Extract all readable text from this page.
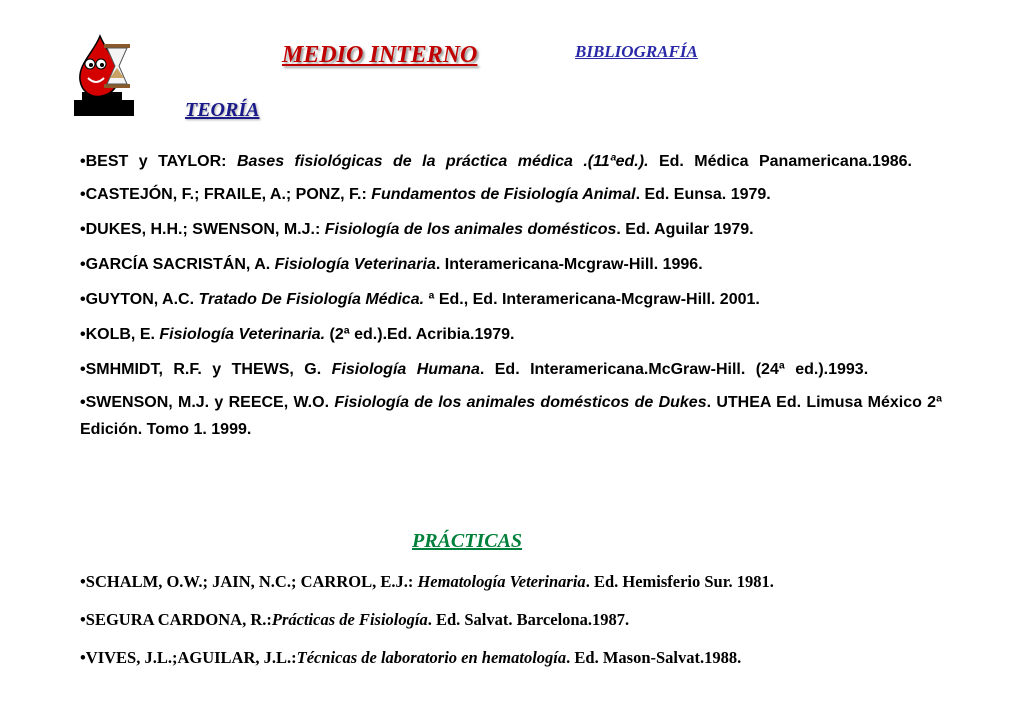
MEDIO INTERNO	BIBLIOGRAFÍA
TEORÍA
•BEST y TAYLOR: Bases fisiológicas de la práctica médica .(11ªed.). Ed. Médica Panamericana.1986.
•CASTEJÓN, F.; FRAILE, A.; PONZ, F.: Fundamentos de Fisiología Animal. Ed. Eunsa. 1979.
•DUKES, H.H.; SWENSON, M.J.: Fisiología de los animales domésticos. Ed. Aguilar 1979.
•GARCÍA SACRISTÁN, A. Fisiología Veterinaria. Interamericana-Mcgraw-Hill. 1996.
•GUYTON, A.C. Tratado De Fisiología Médica. ª Ed., Ed. Interamericana-Mcgraw-Hill. 2001.
•KOLB, E. Fisiología Veterinaria. (2ª ed.).Ed. Acribia.1979.
•SMHMIDT, R.F. y THEWS, G. Fisiología Humana. Ed. Interamericana.McGraw-Hill. (24ª ed.).1993.
•SWENSON, M.J. y REECE, W.O. Fisiología de los animales domésticos de Dukes. UTHEA Ed. Limusa México 2ª Edición. Tomo 1. 1999.
PRÁCTICAS
•SCHALM, O.W.; JAIN, N.C.; CARROL, E.J.: Hematología Veterinaria. Ed. Hemisferio Sur. 1981.
•SEGURA CARDONA, R.:Prácticas de Fisiología. Ed. Salvat. Barcelona.1987.
•VIVES, J.L.;AGUILAR, J.L.:Técnicas de laboratorio en hematología. Ed. Mason-Salvat.1988.
